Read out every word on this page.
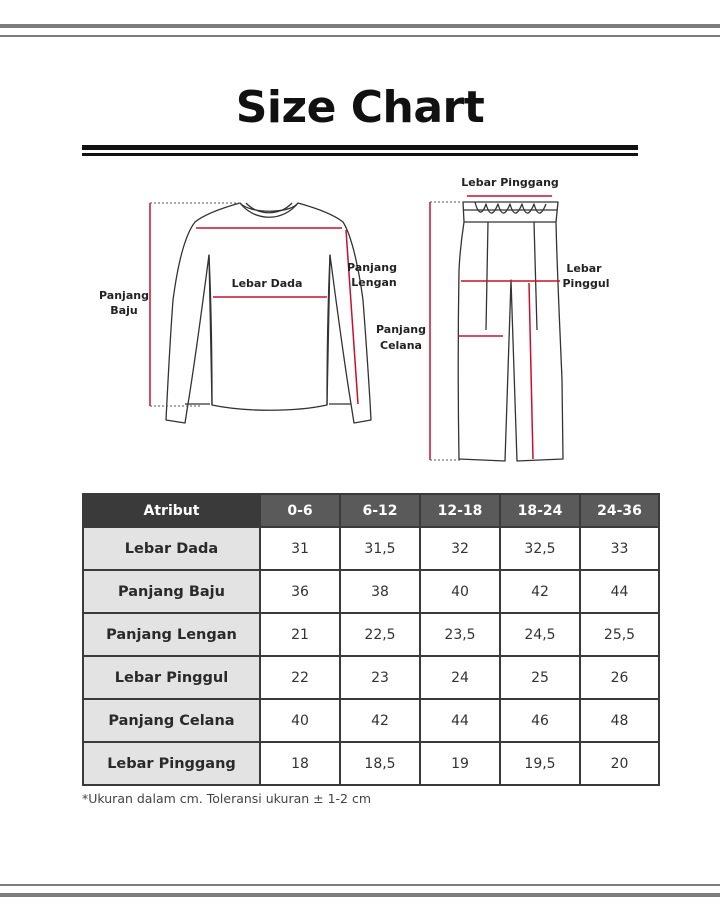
Size Chart
Lebar Dada
Panjang
Baju
Panjang
Lengan
Lebar Pinggang
Lebar
Pinggul
Panjang
Celana
Atribut	0-6	6-12	12-18	18-24	24-36
Lebar Dada	31	31,5	32	32,5	33
Panjang Baju	36	38	40	42	44
Panjang Lengan	21	22,5	23,5	24,5	25,5
Lebar Pinggul	22	23	24	25	26
Panjang Celana	40	42	44	46	48
Lebar Pinggang	18	18,5	19	19,5	20
*Ukuran dalam cm. Toleransi ukuran ± 1-2 cm
